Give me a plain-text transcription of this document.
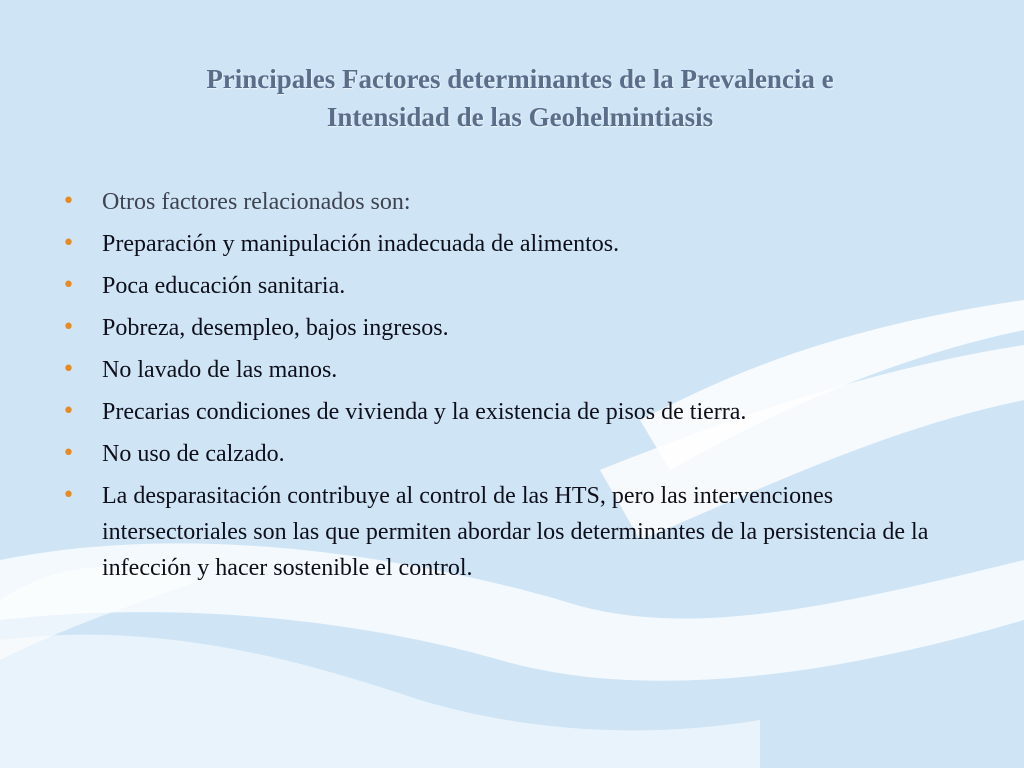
Principales Factores determinantes de la Prevalencia e
Intensidad de las Geohelmintiasis
• Otros factores relacionados son:
• Preparación y manipulación inadecuada de alimentos.
• Poca educación sanitaria.
• Pobreza, desempleo, bajos ingresos.
• No lavado de las manos.
• Precarias condiciones de vivienda y la existencia de pisos de tierra.
• No uso de calzado.
• La desparasitación contribuye al control de las HTS, pero las intervenciones intersectoriales son las que permiten abordar los determinantes de la persistencia de la infección y hacer sostenible el control.
